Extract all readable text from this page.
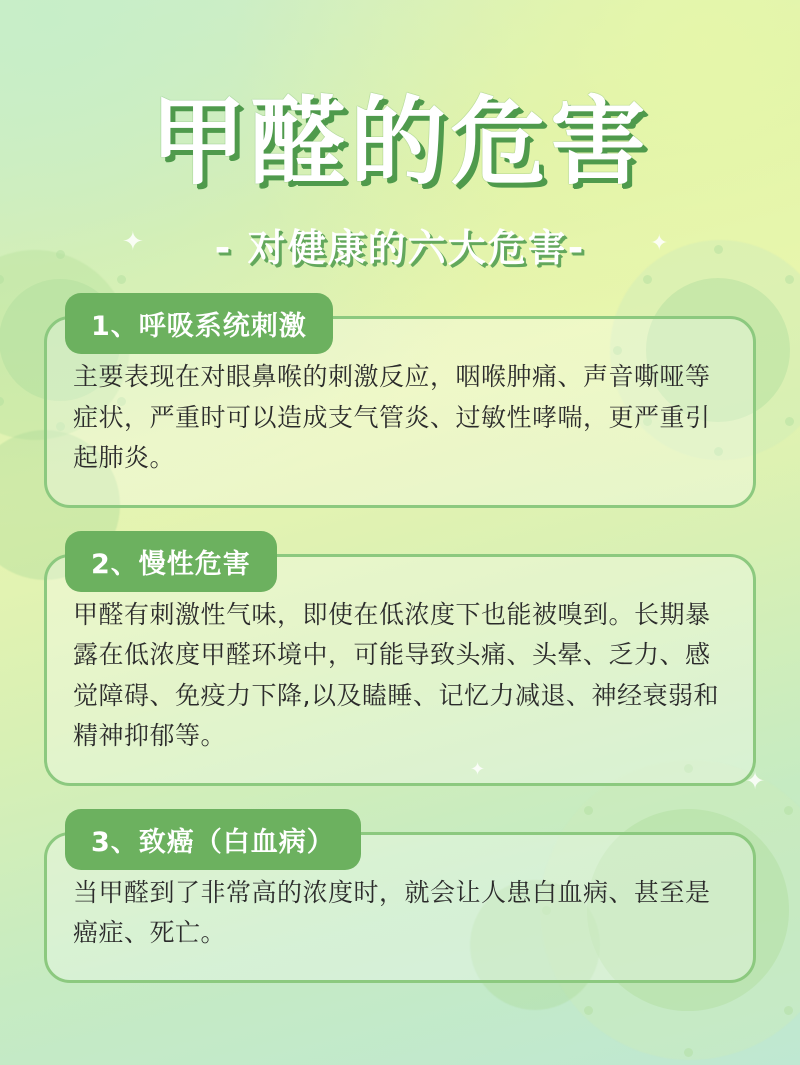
✦	✦
✦
✦
甲醛的危害
- 对健康的六大危害-
1、呼吸系统刺激

主要表现在对眼鼻喉的刺激反应，咽喉肿痛、声音嘶哑等症状，严重时可以造成支气管炎、过敏性哮喘，更严重引起肺炎。

2、慢性危害

甲醛有刺激性气味，即使在低浓度下也能被嗅到。长期暴露在低浓度甲醛环境中，可能导致头痛、头晕、乏力、感觉障碍、免疫力下降,以及瞌睡、记忆力减退、神经衰弱和精神抑郁等。

3、致癌（白血病）

当甲醛到了非常高的浓度时，就会让人患白血病、甚至是癌症、死亡。
